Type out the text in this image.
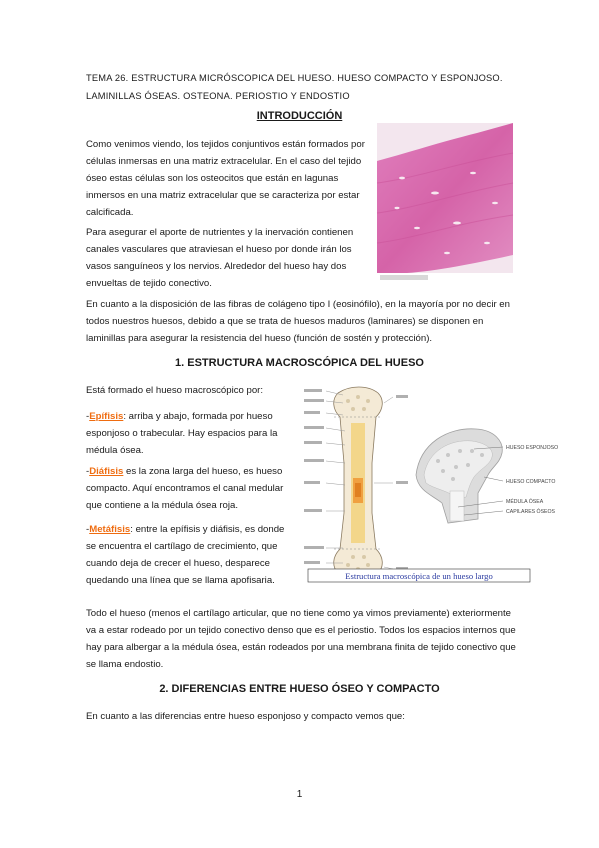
TEMA 26. ESTRUCTURA MICRÓSCOPICA DEL HUESO. HUESO COMPACTO Y ESPONJOSO. LAMINILLAS ÓSEAS. OSTEONA. PERIOSTIO Y ENDOSTIO
INTRODUCCIÓN

Como venimos viendo, los tejidos conjuntivos están formados por células inmersas en una matriz extracelular. En el caso del tejido óseo estas células son los osteocitos que están en lagunas inmersos en una matriz extracelular que se caracteriza por estar calcificada.

Para asegurar el aporte de nutrientes y la inervación contienen canales vasculares que atraviesan el hueso por donde irán los vasos sanguíneos y los nervios. Alrededor del hueso hay dos envueltas de tejido conectivo.

En cuanto a la disposición de las fibras de colágeno tipo I (eosinófilo), en la mayoría por no decir en todos nuestros huesos, debido a que se trata de huesos maduros (laminares) se disponen en laminillas para asegurar la resistencia del hueso (función de sostén y protección).

1. ESTRUCTURA MACROSCÓPICA DEL HUESO

Está formado el hueso macroscópico por:

-Epífisis: arriba y abajo, formada por hueso esponjoso o trabecular. Hay espacios para la médula ósea.

-Diáfisis es la zona larga del hueso, es hueso compacto. Aquí encontramos el canal medular que contiene a la médula ósea roja.

-Metáfisis: entre la epífisis y diáfisis, es donde se encuentra el cartílago de crecimiento, que cuando deja de crecer el hueso, desparece quedando una línea que se llama apofisaria.

HUESO ESPONJOSO
HUESO COMPACTO
MÉDULA ÓSEA
CAPILARES ÓSEOS
Estructura macroscópica de un hueso largo

Todo el hueso (menos el cartílago articular, que no tiene como ya vimos previamente) exteriormente va a estar rodeado por un tejido conectivo denso que es el periostio. Todos los espacios internos que hay para albergar a la médula ósea, están rodeados por una membrana finita de tejido conectivo que se llama endostio.

2. DIFERENCIAS ENTRE HUESO ÓSEO Y COMPACTO

En cuanto a las diferencias entre hueso esponjoso y compacto vemos que:

1
